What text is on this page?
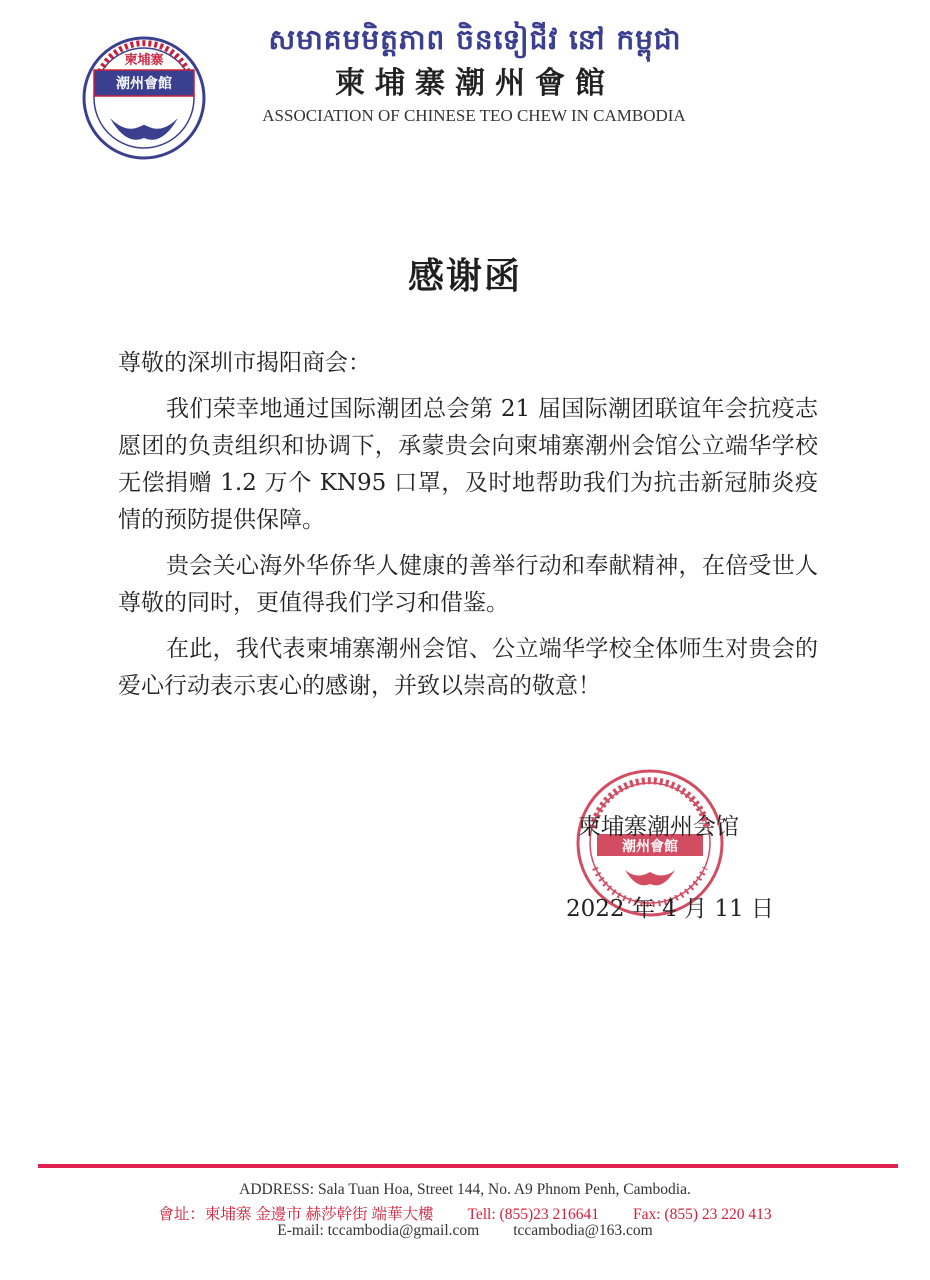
柬埔寨
潮州會館
សមាគមមិត្តភាព ចិនទៀជីវ នៅ កម្ពុជា
柬埔寨潮州會館
ASSOCIATION OF CHINESE TEO CHEW IN CAMBODIA
感谢函

尊敬的深圳市揭阳商会：

我们荣幸地通过国际潮团总会第 21 届国际潮团联谊年会抗疫志愿团的负责组织和协调下，承蒙贵会向柬埔寨潮州会馆公立端华学校无偿捐赠 1.2 万个 KN95 口罩，及时地帮助我们为抗击新冠肺炎疫情的预防提供保障。

贵会关心海外华侨华人健康的善举行动和奉献精神，在倍受世人尊敬的同时，更值得我们学习和借鉴。

在此，我代表柬埔寨潮州会馆、公立端华学校全体师生对贵会的爱心行动表示衷心的感谢，并致以崇高的敬意！

潮州會館
柬埔寨潮州会馆
2022 年 4 月 11 日
ADDRESS: Sala Tuan Hoa, Street 144, No. A9 Phnom Penh, Cambodia.
會址：柬埔寨 金邊市 赫莎幹街 端華大樓 Tell: (855)23 216641 Fax: (855) 23 220 413
E-mail: tccambodia@gmail.com tccambodia@163.com
